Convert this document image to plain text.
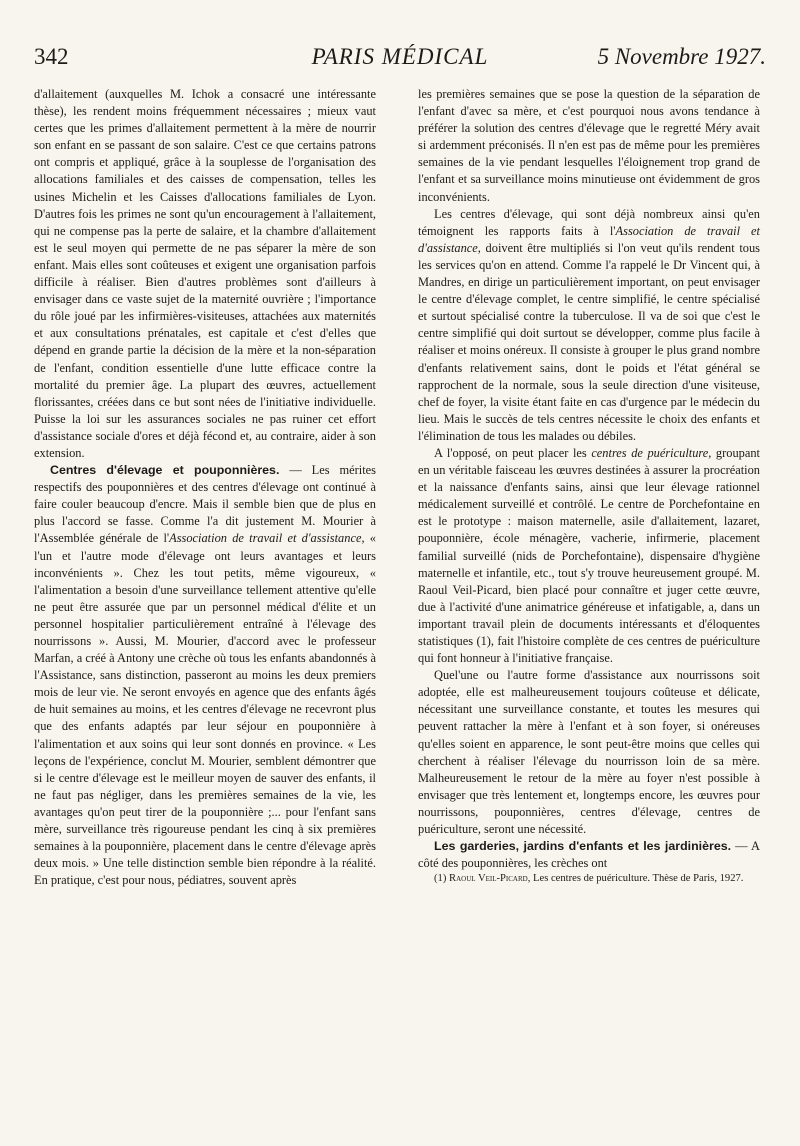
342	PARIS MÉDICAL	5 Novembre 1927.

d'allaitement (auxquelles M. Ichok a consacré une intéressante thèse), les rendent moins fréquemment nécessaires ; mieux vaut certes que les primes d'allaitement permettent à la mère de nourrir son enfant en se passant de son salaire. C'est ce que certains patrons ont compris et appliqué, grâce à la souplesse de l'organisation des allocations familiales et des caisses de compensation, telles les usines Michelin et les Caisses d'allocations familiales de Lyon. D'autres fois les primes ne sont qu'un encouragement à l'allaitement, qui ne compense pas la perte de salaire, et la chambre d'allaitement est le seul moyen qui permette de ne pas séparer la mère de son enfant. Mais elles sont coûteuses et exigent une organisation parfois difficile à réaliser. Bien d'autres problèmes sont d'ailleurs à envisager dans ce vaste sujet de la maternité ouvrière ; l'importance du rôle joué par les infirmières-visiteuses, attachées aux maternités et aux consultations prénatales, est capitale et c'est d'elles que dépend en grande partie la décision de la mère et la non-séparation de l'enfant, condition essentielle d'une lutte efficace contre la mortalité du premier âge. La plupart des œuvres, actuellement florissantes, créées dans ce but sont nées de l'initiative individuelle. Puisse la loi sur les assurances sociales ne pas ruiner cet effort d'assistance sociale d'ores et déjà fécond et, au contraire, aider à son extension.

Centres d'élevage et pouponnières. — Les mérites respectifs des pouponnières et des centres d'élevage ont continué à faire couler beaucoup d'encre. Mais il semble bien que de plus en plus l'accord se fasse. Comme l'a dit justement M. Mourier à l'Assemblée générale de l'Association de travail et d'assistance, « l'un et l'autre mode d'élevage ont leurs avantages et leurs inconvénients ». Chez les tout petits, même vigoureux, « l'alimentation a besoin d'une surveillance tellement attentive qu'elle ne peut être assurée que par un personnel médical d'élite et un personnel hospitalier particulièrement entraîné à l'élevage des nourrissons ». Aussi, M. Mourier, d'accord avec le professeur Marfan, a créé à Antony une crèche où tous les enfants abandonnés à l'Assistance, sans distinction, passeront au moins les deux premiers mois de leur vie. Ne seront envoyés en agence que des enfants âgés de huit semaines au moins, et les centres d'élevage ne recevront plus que des enfants adaptés par leur séjour en pouponnière à l'alimentation et aux soins qui leur sont donnés en province. « Les leçons de l'expérience, conclut M. Mourier, semblent démontrer que si le centre d'élevage est le meilleur moyen de sauver des enfants, il ne faut pas négliger, dans les premières semaines de la vie, les avantages qu'on peut tirer de la pouponnière ;... pour l'enfant sans mère, surveillance très rigoureuse pendant les cinq à six premières semaines à la pouponnière, placement dans le centre d'élevage après deux mois. » Une telle distinction semble bien répondre à la réalité. En pratique, c'est pour nous, pédiatres, souvent après

les premières semaines que se pose la question de la séparation de l'enfant d'avec sa mère, et c'est pourquoi nous avons tendance à préférer la solution des centres d'élevage que le regretté Méry avait si ardemment préconisés. Il n'en est pas de même pour les premières semaines de la vie pendant lesquelles l'éloignement trop grand de l'enfant et sa surveillance moins minutieuse ont évidemment de gros inconvénients.

Les centres d'élevage, qui sont déjà nombreux ainsi qu'en témoignent les rapports faits à l'Association de travail et d'assistance, doivent être multipliés si l'on veut qu'ils rendent tous les services qu'on en attend. Comme l'a rappelé le Dr Vincent qui, à Mandres, en dirige un particulièrement important, on peut envisager le centre d'élevage complet, le centre simplifié, le centre spécialisé et surtout spécialisé contre la tuberculose. Il va de soi que c'est le centre simplifié qui doit surtout se développer, comme plus facile à réaliser et moins onéreux. Il consiste à grouper le plus grand nombre d'enfants relativement sains, dont le poids et l'état général se rapprochent de la normale, sous la seule direction d'une visiteuse, chef de foyer, la visite étant faite en cas d'urgence par le médecin du lieu. Mais le succès de tels centres nécessite le choix des enfants et l'élimination de tous les malades ou débiles.

A l'opposé, on peut placer les centres de puériculture, groupant en un véritable faisceau les œuvres destinées à assurer la procréation et la naissance d'enfants sains, ainsi que leur élevage rationnel médicalement surveillé et contrôlé. Le centre de Porchefontaine en est le prototype : maison maternelle, asile d'allaitement, lazaret, pouponnière, école ménagère, vacherie, infirmerie, placement familial surveillé (nids de Porchefontaine), dispensaire d'hygiène maternelle et infantile, etc., tout s'y trouve heureusement groupé. M. Raoul Veil-Picard, bien placé pour connaître et juger cette œuvre, due à l'activité d'une animatrice généreuse et infatigable, a, dans un important travail plein de documents intéressants et d'éloquentes statistiques (1), fait l'histoire complète de ces centres de puériculture qui font honneur à l'initiative française.

Quel'une ou l'autre forme d'assistance aux nourrissons soit adoptée, elle est malheureusement toujours coûteuse et délicate, nécessitant une surveillance constante, et toutes les mesures qui peuvent rattacher la mère à l'enfant et à son foyer, si onéreuses qu'elles soient en apparence, le sont peut-être moins que celles qui cherchent à réaliser l'élevage du nourrisson loin de sa mère. Malheureusement le retour de la mère au foyer n'est possible à envisager que très lentement et, longtemps encore, les œuvres pour nourrissons, pouponnières, centres d'élevage, centres de puériculture, seront une nécessité.

Les garderies, jardins d'enfants et les jardinières. — A côté des pouponnières, les crèches ont

(1) Raoul Veil-Picard, Les centres de puériculture. Thèse de Paris, 1927.
